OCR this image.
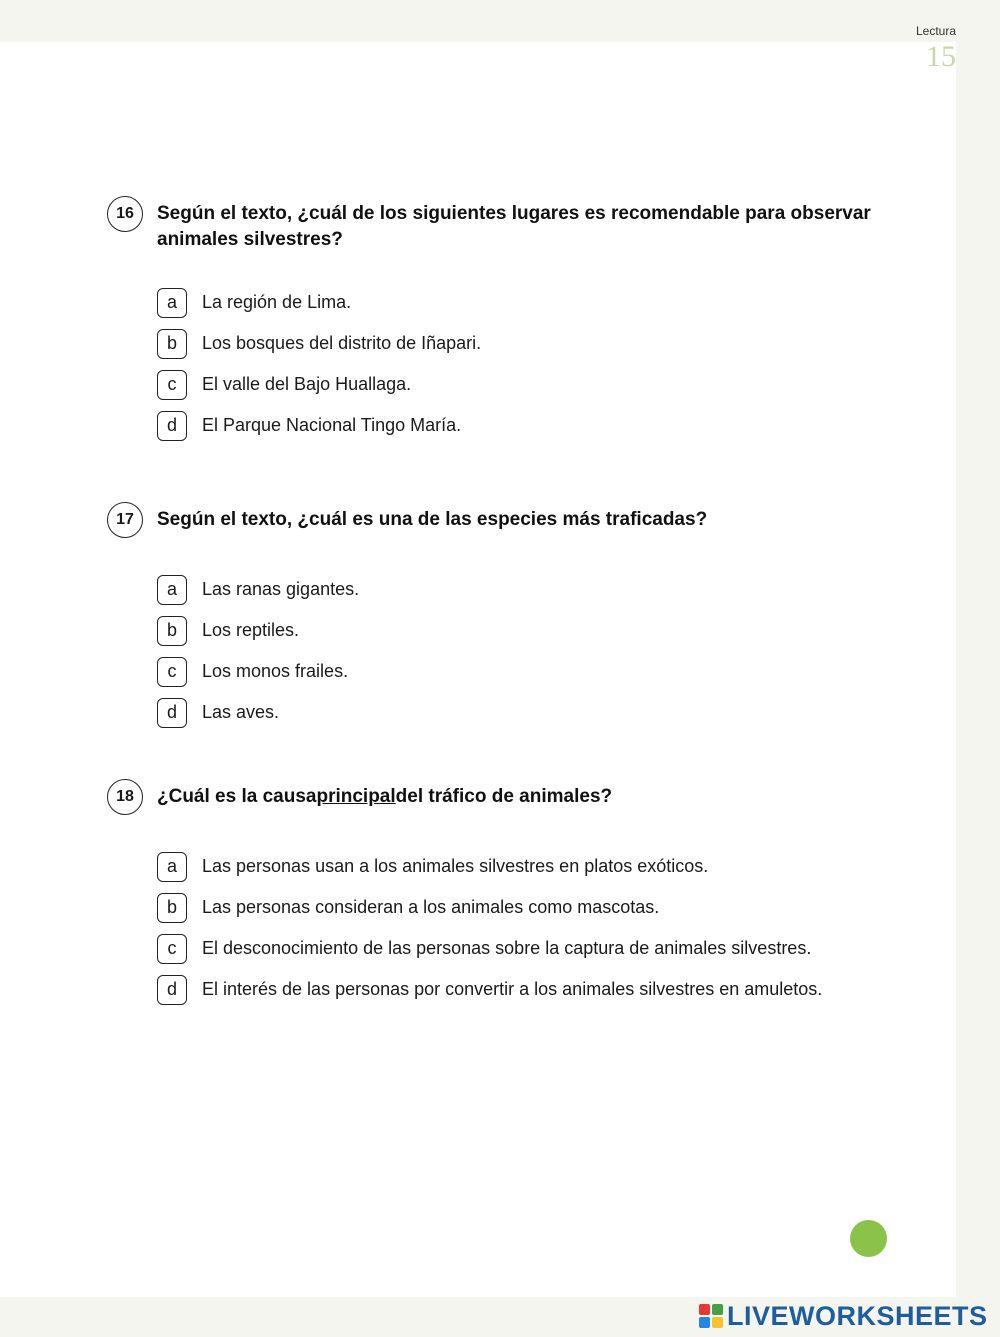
Lectura
15
16	Según el texto, ¿cuál de los siguientes lugares es recomendable para observar animales silvestres?
a	La región de Lima.
b	Los bosques del distrito de Iñapari.
c	El valle del Bajo Huallaga.
d	El Parque Nacional Tingo María.
17	Según el texto, ¿cuál es una de las especies más traficadas?
a	Las ranas gigantes.
b	Los reptiles.
c	Los monos frailes.
d	Las aves.
18	¿Cuál es la causaprincipaldel tráfico de animales?
a	Las personas usan a los animales silvestres en platos exóticos.
b	Las personas consideran a los animales como mascotas.
c	El desconocimiento de las personas sobre la captura de animales silvestres.
d	El interés de las personas por convertir a los animales silvestres en amuletos.
LIVEWORKSHEETS
